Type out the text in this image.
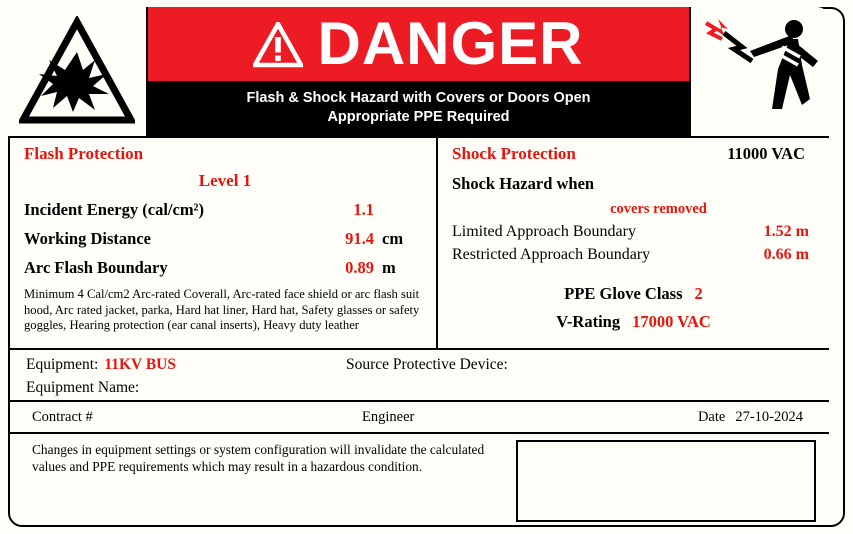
DANGER
Flash & Shock Hazard with Covers or Doors Open
Appropriate PPE Required
Flash Protection
Level 1
Incident Energy (cal/cm²)	1.1
Working Distance	91.4 cm
Arc Flash Boundary	0.89 m
Minimum 4 Cal/cm2 Arc-rated Coverall, Arc-rated face shield or arc flash suit hood, Arc rated jacket, parka, Hard hat liner, Hard hat, Safety glasses or safety goggles, Hearing protection (ear canal inserts), Heavy duty leather
Shock Protection	11000 VAC
Shock Hazard when
covers removed
Limited Approach Boundary	1.52 m
Restricted Approach Boundary	0.66 m
PPE Glove Class 2
V-Rating 17000 VAC
Equipment: 11KV BUS	Source Protective Device:
Equipment Name:
Contract #	Engineer	Date 27-10-2024
Changes in equipment settings or system configuration will invalidate the calculated values and PPE requirements which may result in a hazardous condition.
